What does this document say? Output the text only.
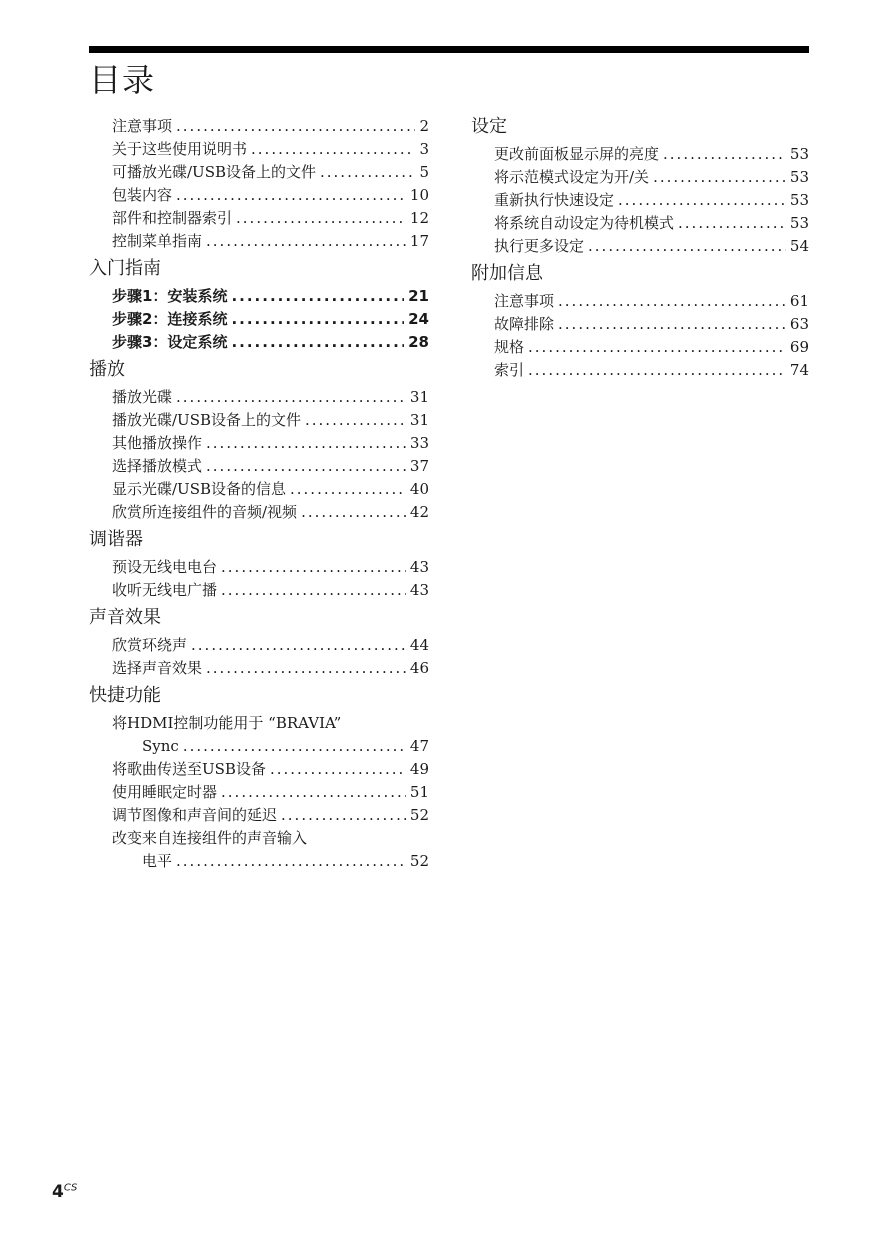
目录
注意事项 .....	2
关于这些使用说明书 .....	3
可播放光碟/USB设备上的文件 .....	5
包装内容 .....	10
部件和控制器索引 .....	12
控制菜单指南 .....	17
入门指南
步骤1：安装系统 .....	21
步骤2：连接系统 .....	24
步骤3：设定系统 .....	28
播放
播放光碟 .....	31
播放光碟/USB设备上的文件 .....	31
其他播放操作 .....	33
选择播放模式 .....	37
显示光碟/USB设备的信息 .....	40
欣赏所连接组件的音频/视频 .....	42
调谐器
预设无线电电台 .....	43
收听无线电广播 .....	43
声音效果
欣赏环绕声 .....	44
选择声音效果 .....	46
快捷功能
将HDMI控制功能用于 “BRAVIA”
Sync .....	47
将歌曲传送至USB设备 .....	49
使用睡眠定时器 .....	51
调节图像和声音间的延迟 .....	52
改变来自连接组件的声音输入
电平 .....	52
设定
更改前面板显示屏的亮度 .....	53
将示范模式设定为开/关 .....	53
重新执行快速设定 .....	53
将系统自动设定为待机模式 .....	53
执行更多设定 .....	54
附加信息
注意事项 .....	61
故障排除 .....	63
规格 .....	69
索引 .....	74
$4^{CS}$
